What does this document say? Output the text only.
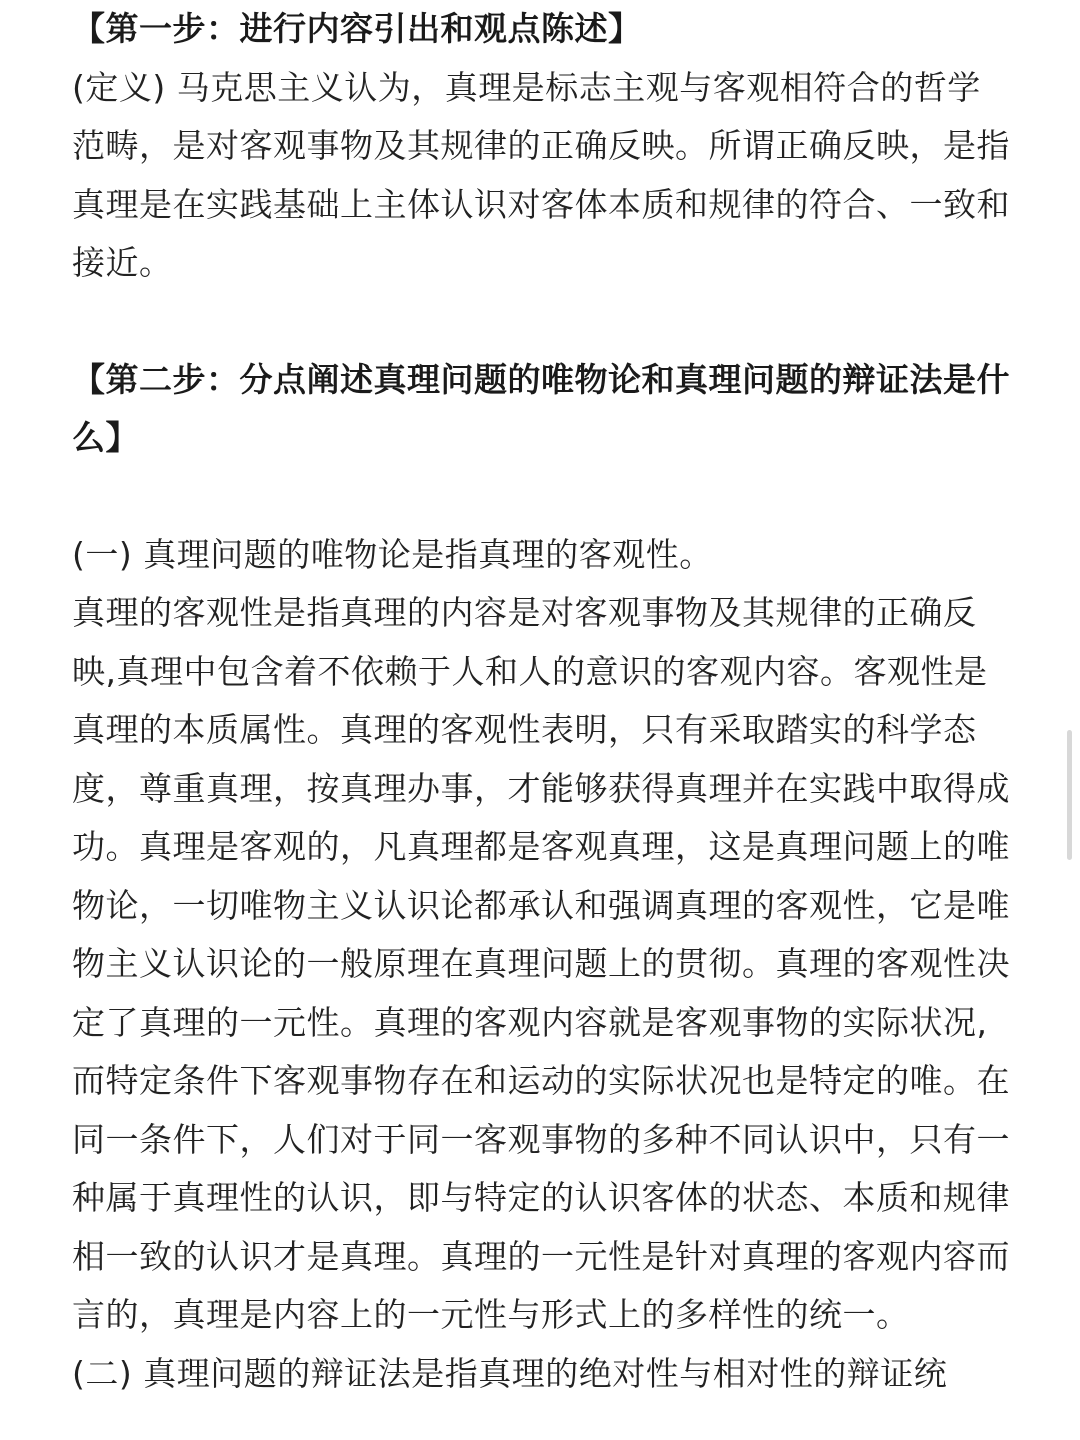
【第一步：进行内容引出和观点陈述】

(定义) 马克思主义认为，真理是标志主观与客观相符合的哲学范畴，是对客观事物及其规律的正确反映。所谓正确反映，是指真理是在实践基础上主体认识对客体本质和规律的符合、一致和接近。

【第二步：分点阐述真理问题的唯物论和真理问题的辩证法是什么】

(一) 真理问题的唯物论是指真理的客观性。

真理的客观性是指真理的内容是对客观事物及其规律的正确反映,真理中包含着不依赖于人和人的意识的客观内容。客观性是真理的本质属性。真理的客观性表明，只有采取踏实的科学态度，尊重真理，按真理办事，才能够获得真理并在实践中取得成功。真理是客观的，凡真理都是客观真理，这是真理问题上的唯物论，一切唯物主义认识论都承认和强调真理的客观性，它是唯物主义认识论的一般原理在真理问题上的贯彻。真理的客观性决定了真理的一元性。真理的客观内容就是客观事物的实际状况,而特定条件下客观事物存在和运动的实际状况也是特定的唯。在同一条件下，人们对于同一客观事物的多种不同认识中，只有一种属于真理性的认识，即与特定的认识客体的状态、本质和规律相一致的认识才是真理。真理的一元性是针对真理的客观内容而言的，真理是内容上的一元性与形式上的多样性的统一。

(二) 真理问题的辩证法是指真理的绝对性与相对性的辩证统
